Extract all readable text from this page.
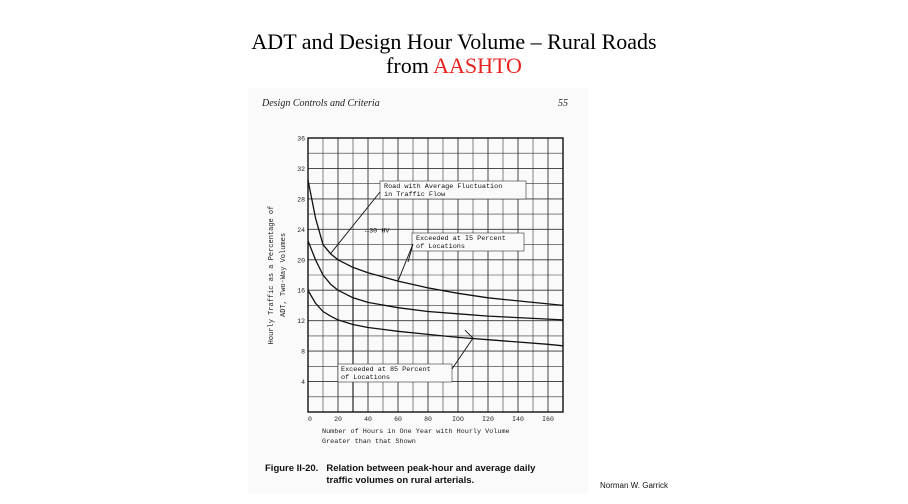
ADT and Design Hour Volume – Rural Roads
from AASHTO
Design Controls and Criteria	55
←30 HV
Road with Average Fluctuation
in Traffic Flow
Exceeded at I5 Percent
of Locations
Exceeded at 85 Percent
of Locations
4
8
12
16
20
24
28
32
36
0	20	40	60	80	IOO	I20	I40	I60
Number of Hours in One Year with Hourly Volume
Greater than that Shown
Hourly Traffic as a Percentage of ADT, Two-Way Volumes
Figure II-20. Relation between peak-hour and average daily traffic volumes on rural arterials.	Norman W. Garrick
